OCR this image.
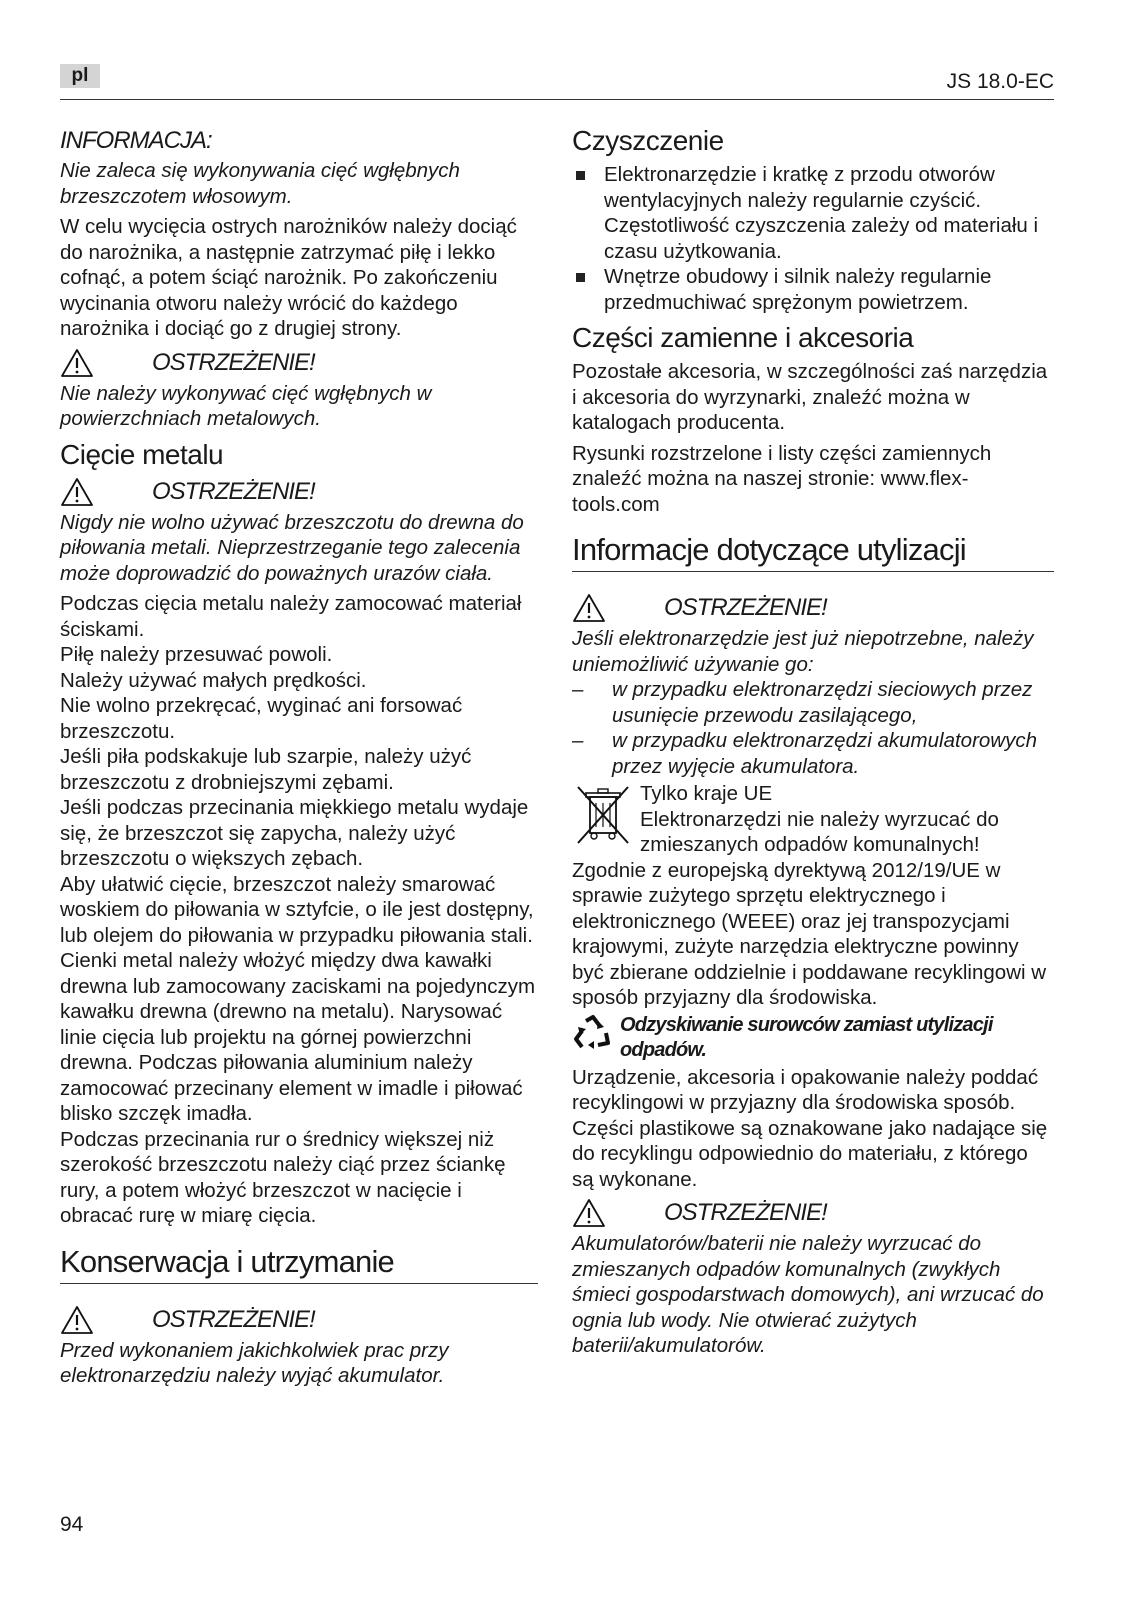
pl	JS 18.0-EC
INFORMACJA:

Nie zaleca się wykonywania cięć wgłębnych brzeszczotem włosowym.

W celu wycięcia ostrych narożników należy dociąć do narożnika, a następnie zatrzymać piłę i lekko cofnąć, a potem ściąć narożnik. Po zakończeniu wycinania otworu należy wrócić do każdego narożnika i dociąć go z drugiej strony.

OSTRZEŻENIE!

Nie należy wykonywać cięć wgłębnych w powierzchniach metalowych.

Cięcie metalu
OSTRZEŻENIE!

Nigdy nie wolno używać brzeszczotu do drewna do piłowania metali. Nieprzestrzeganie tego zalecenia może doprowadzić do poważnych urazów ciała.

Podczas cięcia metalu należy zamocować materiał ściskami.

Piłę należy przesuwać powoli.

Należy używać małych prędkości.

Nie wolno przekręcać, wyginać ani forsować brzeszczotu.

Jeśli piła podskakuje lub szarpie, należy użyć brzeszczotu z drobniejszymi zębami.

Jeśli podczas przecinania miękkiego metalu wydaje się, że brzeszczot się zapycha, należy użyć brzeszczotu o większych zębach.

Aby ułatwić cięcie, brzeszczot należy smarować woskiem do piłowania w sztyfcie, o ile jest dostępny, lub olejem do piłowania w przypadku piłowania stali.

Cienki metal należy włożyć między dwa kawałki drewna lub zamocowany zaciskami na pojedynczym kawałku drewna (drewno na metalu). Narysować linie cięcia lub projektu na górnej powierzchni drewna. Podczas piłowania aluminium należy zamocować przecinany element w imadle i piłować blisko szczęk imadła.

Podczas przecinania rur o średnicy większej niż szerokość brzeszczotu należy ciąć przez ściankę rury, a potem włożyć brzeszczot w nacięcie i obracać rurę w miarę cięcia.

Konserwacja i utrzymanie
OSTRZEŻENIE!

Przed wykonaniem jakichkolwiek prac przy elektronarzędziu należy wyjąć akumulator.

Czyszczenie
Elektronarzędzie i kratkę z przodu otworów wentylacyjnych należy regularnie czyścić. Częstotliwość czyszczenia zależy od materiału i czasu użytkowania.
Wnętrze obudowy i silnik należy regularnie przedmuchiwać sprężonym powietrzem.
Części zamienne i akcesoria

Pozostałe akcesoria, w szczególności zaś narzędzia i akcesoria do wyrzynarki, znaleźć można w katalogach producenta.

Rysunki rozstrzelone i listy części zamiennych znaleźć można na naszej stronie: www.flex-tools.com

Informacje dotyczące utylizacji
OSTRZEŻENIE!

Jeśli elektronarzędzie jest już niepotrzebne, należy uniemożliwić używanie go:

– w przypadku elektronarzędzi sieciowych przez usunięcie przewodu zasilającego,
– w przypadku elektronarzędzi akumulatorowych przez wyjęcie akumulatora.

Tylko kraje UE

Elektronarzędzi nie należy wyrzucać do zmieszanych odpadów komunalnych!

Zgodnie z europejską dyrektywą 2012/19/UE w sprawie zużytego sprzętu elektrycznego i elektronicznego (WEEE) oraz jej transpozycjami krajowymi, zużyte narzędzia elektryczne powinny być zbierane oddzielnie i poddawane recyklingowi w sposób przyjazny dla środowiska.

Odzyskiwanie surowców zamiast utylizacji odpadów.

Urządzenie, akcesoria i opakowanie należy poddać recyklingowi w przyjazny dla środowiska sposób. Części plastikowe są oznakowane jako nadające się do recyklingu odpowiednio do materiału, z którego są wykonane.

OSTRZEŻENIE!

Akumulatorów/baterii nie należy wyrzucać do zmieszanych odpadów komunalnych (zwykłych śmieci gospodarstwach domowych), ani wrzucać do ognia lub wody. Nie otwierać zużytych baterii/akumulatorów.

94
